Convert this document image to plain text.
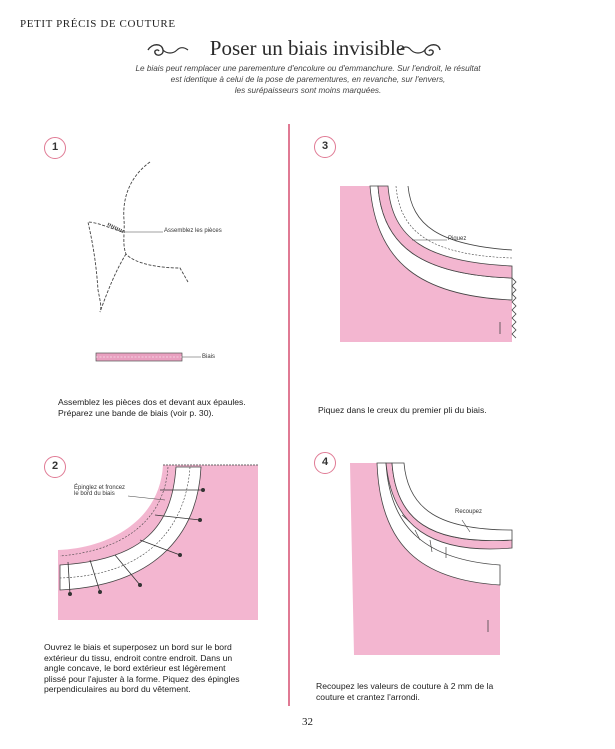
PETIT PRÉCIS DE COUTURE
Poser un biais invisible
Le biais peut remplacer une parementure d'encolure ou d'emmanchure. Sur l'endroit, le résultat
est identique à celui de la pose de parementures, en revanche, sur l'envers,
les surépaisseurs sont moins marquées.
1
Assemblez les pièces
Biais
Assemblez les pièces dos et devant aux épaules.
Préparez une bande de biais (voir p. 30).
2
Épinglez et froncez
le bord du biais
Ouvrez le biais et superposez un bord sur le bord
extérieur du tissu, endroit contre endroit. Dans un
angle concave, le bord extérieur est légèrement
plissé pour l'ajuster à la forme. Piquez des épingles
perpendiculaires au bord du vêtement.
3
Piquez
Piquez dans le creux du premier pli du biais.
4
Recoupez
Recoupez les valeurs de couture à 2 mm de la
couture et crantez l'arrondi.
32
